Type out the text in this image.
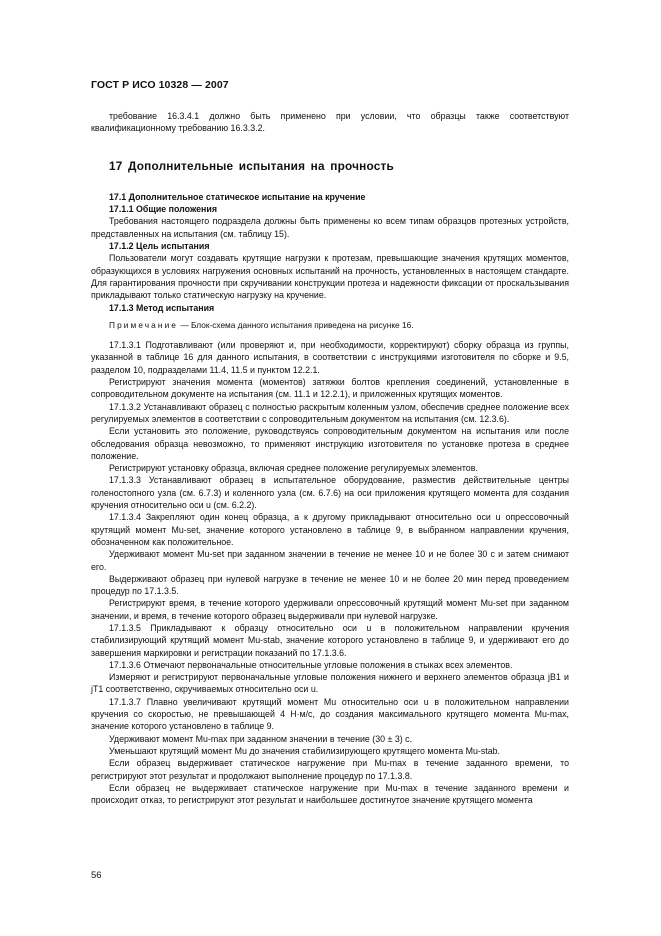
ГОСТ Р ИСО 10328 — 2007

требование 16.3.4.1 должно быть применено при условии, что образцы также соответствуют квалификационному требованию 16.3.3.2.

17 Дополнительные испытания на прочность

17.1 Дополнительное статическое испытание на кручение

17.1.1 Общие положения

Требования настоящего подраздела должны быть применены ко всем типам образцов протезных устройств, представленных на испытания (см. таблицу 15).

17.1.2 Цель испытания

Пользователи могут создавать крутящие нагрузки к протезам, превышающие значения крутящих моментов, образующихся в условиях нагружения основных испытаний на прочность, установленных в настоящем стандарте. Для гарантирования прочности при скручивании конструкции протеза и надежности фиксации от проскальзывания прикладывают только статическую нагрузку на кручение.

17.1.3 Метод испытания

Примечание — Блок-схема данного испытания приведена на рисунке 16.

17.1.3.1 Подготавливают (или проверяют и, при необходимости, корректируют) сборку образца из группы, указанной в таблице 16 для данного испытания, в соответствии с инструкциями изготовителя по сборке и 9.5, разделом 10, подразделами 11.4, 11.5 и пунктом 12.2.1.

Регистрируют значения момента (моментов) затяжки болтов крепления соединений, установленные в сопроводительном документе на испытания (см. 11.1 и 12.2.1), и приложенных крутящих моментов.

17.1.3.2 Устанавливают образец с полностью раскрытым коленным узлом, обеспечив среднее положение всех регулируемых элементов в соответствии с сопроводительным документом на испытания (см. 12.3.6).

Если установить это положение, руководствуясь сопроводительным документом на испытания или после обследования образца невозможно, то применяют инструкцию изготовителя по установке протеза в среднее положение.

Регистрируют установку образца, включая среднее положение регулируемых элементов.

17.1.3.3 Устанавливают образец в испытательное оборудование, разместив действительные центры голеностопного узла (см. 6.7.3) и коленного узла (см. 6.7.6) на оси приложения крутящего момента для создания кручения относительно оси u (см. 6.2.2).

17.1.3.4 Закрепляют один конец образца, а к другому прикладывают относительно оси u опрессовочный крутящий момент Mu-set, значение которого установлено в таблице 9, в выбранном направлении кручения, обозначенном как положительное.

Удерживают момент Mu-set при заданном значении в течение не менее 10 и не более 30 с и затем снимают его.

Выдерживают образец при нулевой нагрузке в течение не менее 10 и не более 20 мин перед проведением процедур по 17.1.3.5.

Регистрируют время, в течение которого удерживали опрессовочный крутящий момент Mu-set при заданном значении, и время, в течение которого образец выдерживали при нулевой нагрузке.

17.1.3.5 Прикладывают к образцу относительно оси u в положительном направлении кручения стабилизирующий крутящий момент Mu-stab, значение которого установлено в таблице 9, и удерживают его до завершения маркировки и регистрации показаний по 17.1.3.6.

17.1.3.6 Отмечают первоначальные относительные угловые положения в стыках всех элементов.

Измеряют и регистрируют первоначальные угловые положения нижнего и верхнего элементов образца jB1 и jT1 соответственно, скручиваемых относительно оси u.

17.1.3.7 Плавно увеличивают крутящий момент Mu относительно оси u в положительном направлении кручения со скоростью, не превышающей 4 Н·м/с, до создания максимального крутящего момента Mu-max, значение которого установлено в таблице 9.

Удерживают момент Mu-max при заданном значении в течение (30 ± 3) с.

Уменьшают крутящий момент Mu до значения стабилизирующего крутящего момента Mu-stab.

Если образец выдерживает статическое нагружение при Mu-max в течение заданного времени, то регистрируют этот результат и продолжают выполнение процедур по 17.1.3.8.

Если образец не выдерживает статическое нагружение при Mu-max в течение заданного времени и происходит отказ, то регистрируют этот результат и наибольшее достигнутое значение крутящего момента

56
